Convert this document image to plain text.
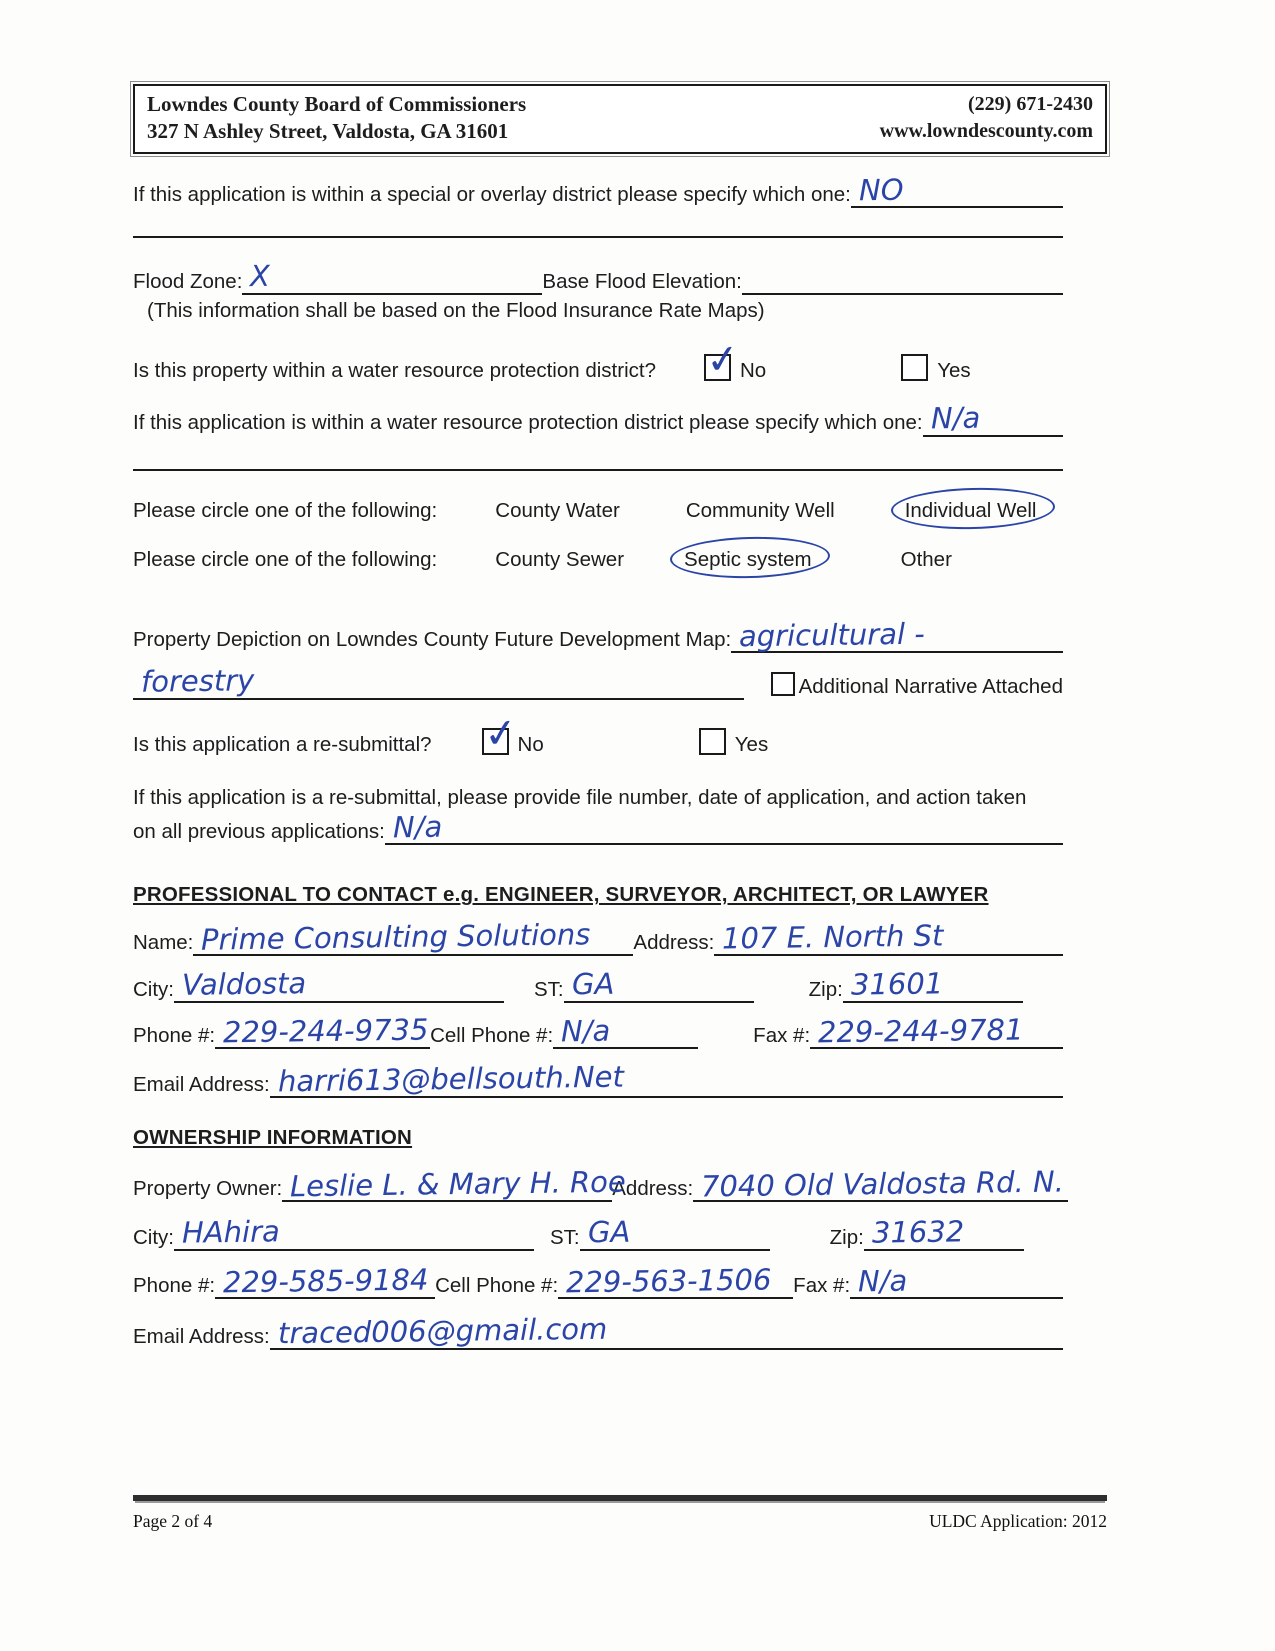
Lowndes County Board of Commissioners
327 N Ashley Street, Valdosta, GA 31601
(229) 671-2430
www.lowndescounty.com
If this application is within a special or overlay district please specify which one: NO
Flood Zone: X	Base Flood Elevation:
(This information shall be based on the Flood Insurance Rate Maps)
Is this property within a water resource protection district? ✓	No	Yes
If this application is within a water resource protection district please specify which one: N/a
Please circle one of the following:	County Water	Community Well	Individual Well
Please circle one of the following:	County Sewer	Septic system	Other
Property Depiction on Lowndes County Future Development Map: agricultural -
forestry	Additional Narrative Attached
Is this application a re-submittal? ✓	No	Yes
If this application is a re-submittal, please provide file number, date of application, and action taken
on all previous applications: N/a
PROFESSIONAL TO CONTACT e.g. ENGINEER, SURVEYOR, ARCHITECT, OR LAWYER
Name: Prime Consulting Solutions	Address: 107 E. North St
City: Valdosta	ST: GA	Zip: 31601
Phone #: 229-244-9735 Cell Phone #: N/a	Fax #: 229-244-9781
Email Address: harri613@bellsouth.Net
OWNERSHIP INFORMATION
Property Owner: Leslie L. & Mary H. Roe
Address: 7040 Old Valdosta Rd. N.
City: HAhira	ST: GA	Zip: 31632
Phone #: 229-585-9184 Cell Phone #: 229-563-1506	Fax #: N/a
Email Address: traced006@gmail.com
Page 2 of 4	ULDC Application: 2012
